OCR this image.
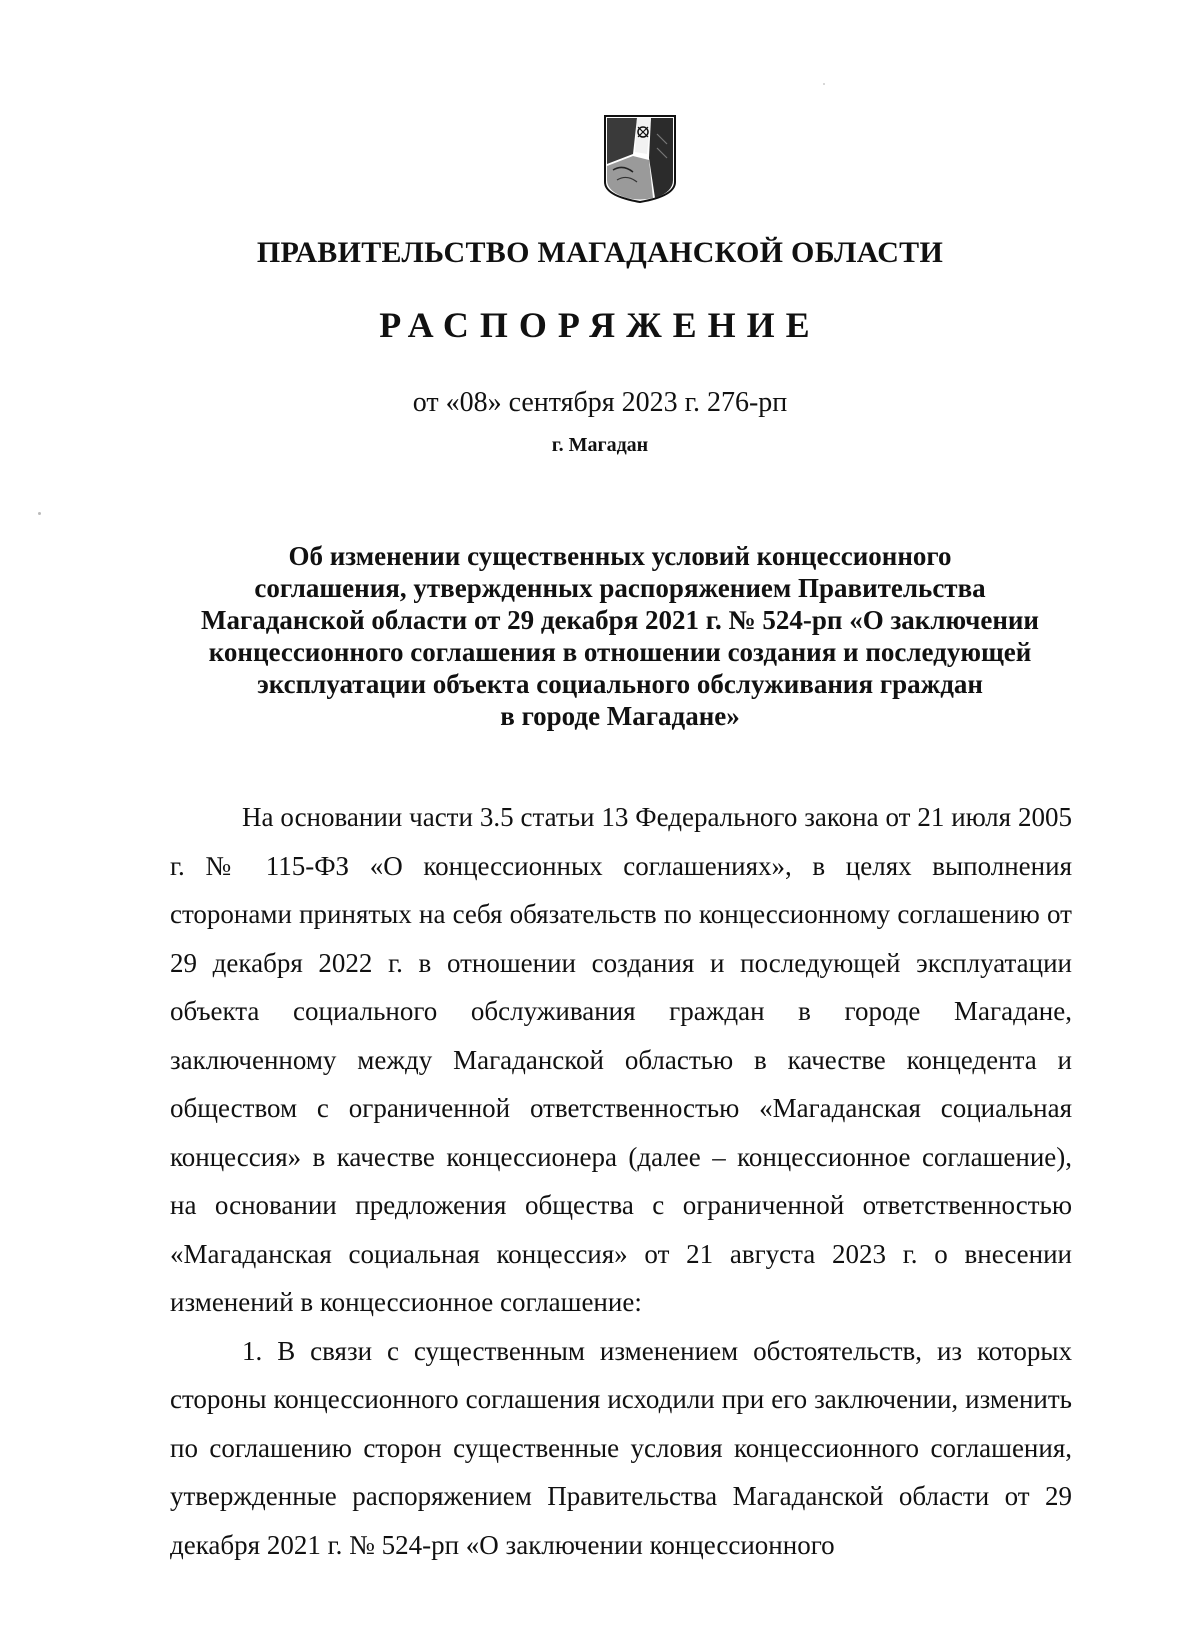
ПРАВИТЕЛЬСТВО МАГАДАНСКОЙ ОБЛАСТИ
РАСПОРЯЖЕНИЕ
от «08» сентября 2023 г. 276-рп
г. Магадан
Об изменении существенных условий концессионного
соглашения, утвержденных распоряжением Правительства
Магаданской области от 29 декабря 2021 г. № 524-рп «О заключении
концессионного соглашения в отношении создания и последующей
эксплуатации объекта социального обслуживания граждан
в городе Магадане»

На основании части 3.5 статьи 13 Федерального закона от 21 июля 2005 г. № 115-ФЗ «О концессионных соглашениях», в целях выполнения сторонами принятых на себя обязательств по концессионному соглашению от 29 декабря 2022 г. в отношении создания и последующей эксплуатации объекта социального обслуживания граждан в городе Магадане, заключенному между Магаданской областью в качестве концедента и обществом с ограниченной ответственностью «Магаданская социальная концессия» в качестве концессионера (далее – концессионное соглашение), на основании предложения общества с ограниченной ответственностью «Магаданская социальная концессия» от 21 августа 2023 г. о внесении изменений в концессионное соглашение:

1. В связи с существенным изменением обстоятельств, из которых стороны концессионного соглашения исходили при его заключении, изменить по соглашению сторон существенные условия концессионного соглашения, утвержденные распоряжением Правительства Магаданской области от 29 декабря 2021 г. № 524-рп «О заключении концессионного
